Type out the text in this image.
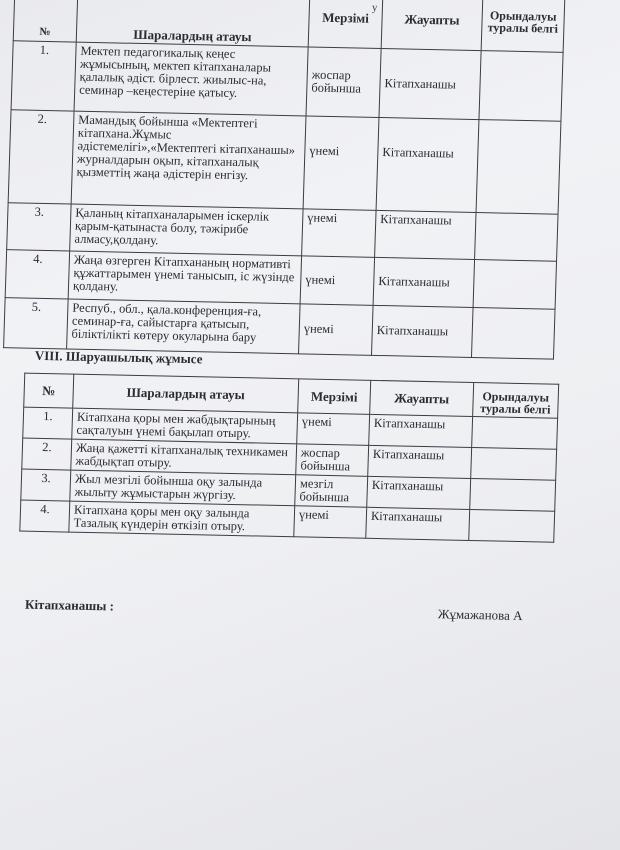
у
№	Шаралардың атауы	Мерзімі	Жауапты	Орындалуы туралы белгі
1.	Мектеп педагогикалық кеңес жұмысының, мектеп кітапханалары қалалық әдіст. бірлест. жиылыс-на, семинар –кеңестеріне қатысу.	жоспар бойынша	Кітапханашы	
2.	Мамандық бойынша «Мектептегі кітапхана.Жұмыс әдістемелігі»,«Мектептегі кітапханашы» журналдарын оқып, кітапханалық қызметтің жаңа әдістерін енгізу.	үнемі	Кітапханашы	
3.	Қаланың кітапханаларымен іскерлік қарым-қатынаста болу, тәжірибе алмасу,қолдану.	үнемі	Кітапханашы	
4.	Жаңа өзгерген Кітапхананың нормативті құжаттарымен үнемі танысып, іс жүзінде қолдану.	үнемі	Кітапханашы	
5.	Респуб., обл., қала.конференция-ға, семинар-ға, сайыстарға қатысып, біліктілікті көтеру окуларына бару	үнемі	Кітапханашы	
VIII. Шаруашылық жұмысе
№	Шаралардың атауы	Мерзімі	Жауапты	Орындалуы туралы белгі
1.	Кітапхана қоры мен жабдықтарының сақталуын үнемі бақылап отыру.	үнемі	Кітапханашы	
2.	Жаңа қажетті кітапханалық техникамен жабдықтап отыру.	жоспар бойынша	Кітапханашы	
3.	Жыл мезгілі бойынша оқу залында жылыту жұмыстарын жүргізу.	мезгіл бойынша	Кітапханашы	
4.	Кітапхана қоры мен оқу залында Тазалық күндерін өткізіп отыру.	үнемі	Кітапханашы	
Кітапханашы :
Жұмажанова А
